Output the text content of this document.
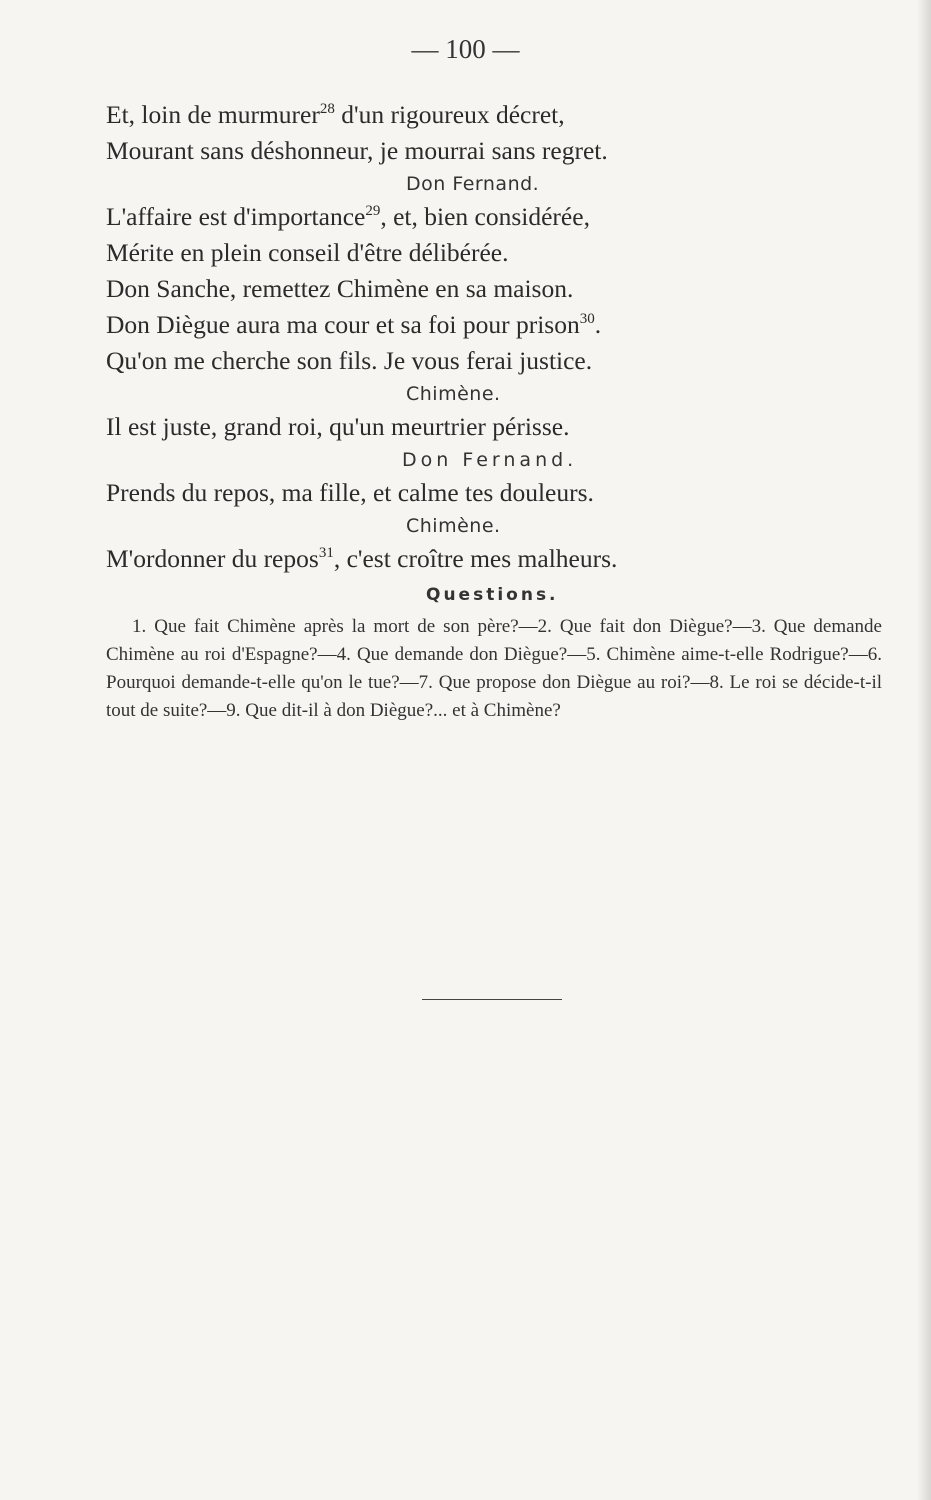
— 100 —
Et, loin de murmurer$^{28}$ d'un rigoureux décret,
Mourant sans déshonneur, je mourrai sans regret.
Don Fernand.
L'affaire est d'importance$^{29}$, et, bien considérée,
Mérite en plein conseil d'être délibérée.
Don Sanche, remettez Chimène en sa maison.
Don Diègue aura ma cour et sa foi pour prison$^{30}$.
Qu'on me cherche son fils. Je vous ferai justice.
Chimène.
Il est juste, grand roi, qu'un meurtrier périsse.
Don Fernand.
Prends du repos, ma fille, et calme tes douleurs.
Chimène.
M'ordonner du repos$^{31}$, c'est croître mes malheurs.
Questions.
1. Que fait Chimène après la mort de son père?—2. Que fait don Diègue?—3. Que demande Chimène au roi d'Espagne?—4. Que demande don Diègue?—5. Chimène aime-t-elle Rodrigue?—6. Pourquoi demande-t-elle qu'on le tue?—7. Que propose don Diègue au roi?—8. Le roi se décide-t-il tout de suite?—9. Que dit-il à don Diègue?... et à Chimène?
